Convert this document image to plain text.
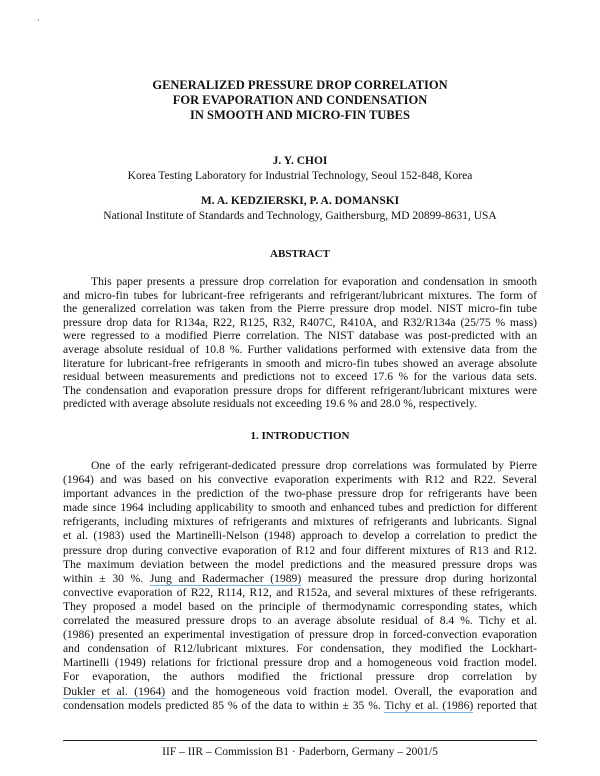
·
GENERALIZED PRESSURE DROP CORRELATION
FOR EVAPORATION AND CONDENSATION
IN SMOOTH AND MICRO-FIN TUBES
J. Y. CHOI
Korea Testing Laboratory for Industrial Technology, Seoul 152-848, Korea
M. A. KEDZIERSKI, P. A. DOMANSKI
National Institute of Standards and Technology, Gaithersburg, MD 20899-8631, USA
ABSTRACT
This paper presents a pressure drop correlation for evaporation and condensation in smooth
and micro-fin tubes for lubricant-free refrigerants and refrigerant/lubricant mixtures. The form of
the generalized correlation was taken from the Pierre pressure drop model. NIST micro-fin tube
pressure drop data for R134a, R22, R125, R32, R407C, R410A, and R32/R134a (25/75 % mass)
were regressed to a modified Pierre correlation. The NIST database was post-predicted with an
average absolute residual of 10.8 %. Further validations performed with extensive data from the
literature for lubricant-free refrigerants in smooth and micro-fin tubes showed an average absolute
residual between measurements and predictions not to exceed 17.6 % for the various data sets.
The condensation and evaporation pressure drops for different refrigerant/lubricant mixtures were
predicted with average absolute residuals not exceeding 19.6 % and 28.0 %, respectively.
1. INTRODUCTION
One of the early refrigerant-dedicated pressure drop correlations was formulated by Pierre
(1964) and was based on his convective evaporation experiments with R12 and R22. Several
important advances in the prediction of the two-phase pressure drop for refrigerants have been
made since 1964 including applicability to smooth and enhanced tubes and prediction for different
refrigerants, including mixtures of refrigerants and mixtures of refrigerants and lubricants. Signal
et al. (1983) used the Martinelli-Nelson (1948) approach to develop a correlation to predict the
pressure drop during convective evaporation of R12 and four different mixtures of R13 and R12.
The maximum deviation between the model predictions and the measured pressure drops was
within ± 30 %. Jung and Radermacher (1989) measured the pressure drop during horizontal
convective evaporation of R22, R114, R12, and R152a, and several mixtures of these refrigerants.
They proposed a model based on the principle of thermodynamic corresponding states, which
correlated the measured pressure drops to an average absolute residual of 8.4 %. Tichy et al.
(1986) presented an experimental investigation of pressure drop in forced-convection evaporation
and condensation of R12/lubricant mixtures. For condensation, they modified the Lockhart-
Martinelli (1949) relations for frictional pressure drop and a homogeneous void fraction model.
For evaporation, the authors modified the frictional pressure drop correlation by
Dukler et al. (1964) and the homogeneous void fraction model. Overall, the evaporation and
condensation models predicted 85 % of the data to within ± 35 %. Tichy et al. (1986) reported that
IIF – IIR – Commission B1 · Paderborn, Germany – 2001/5
